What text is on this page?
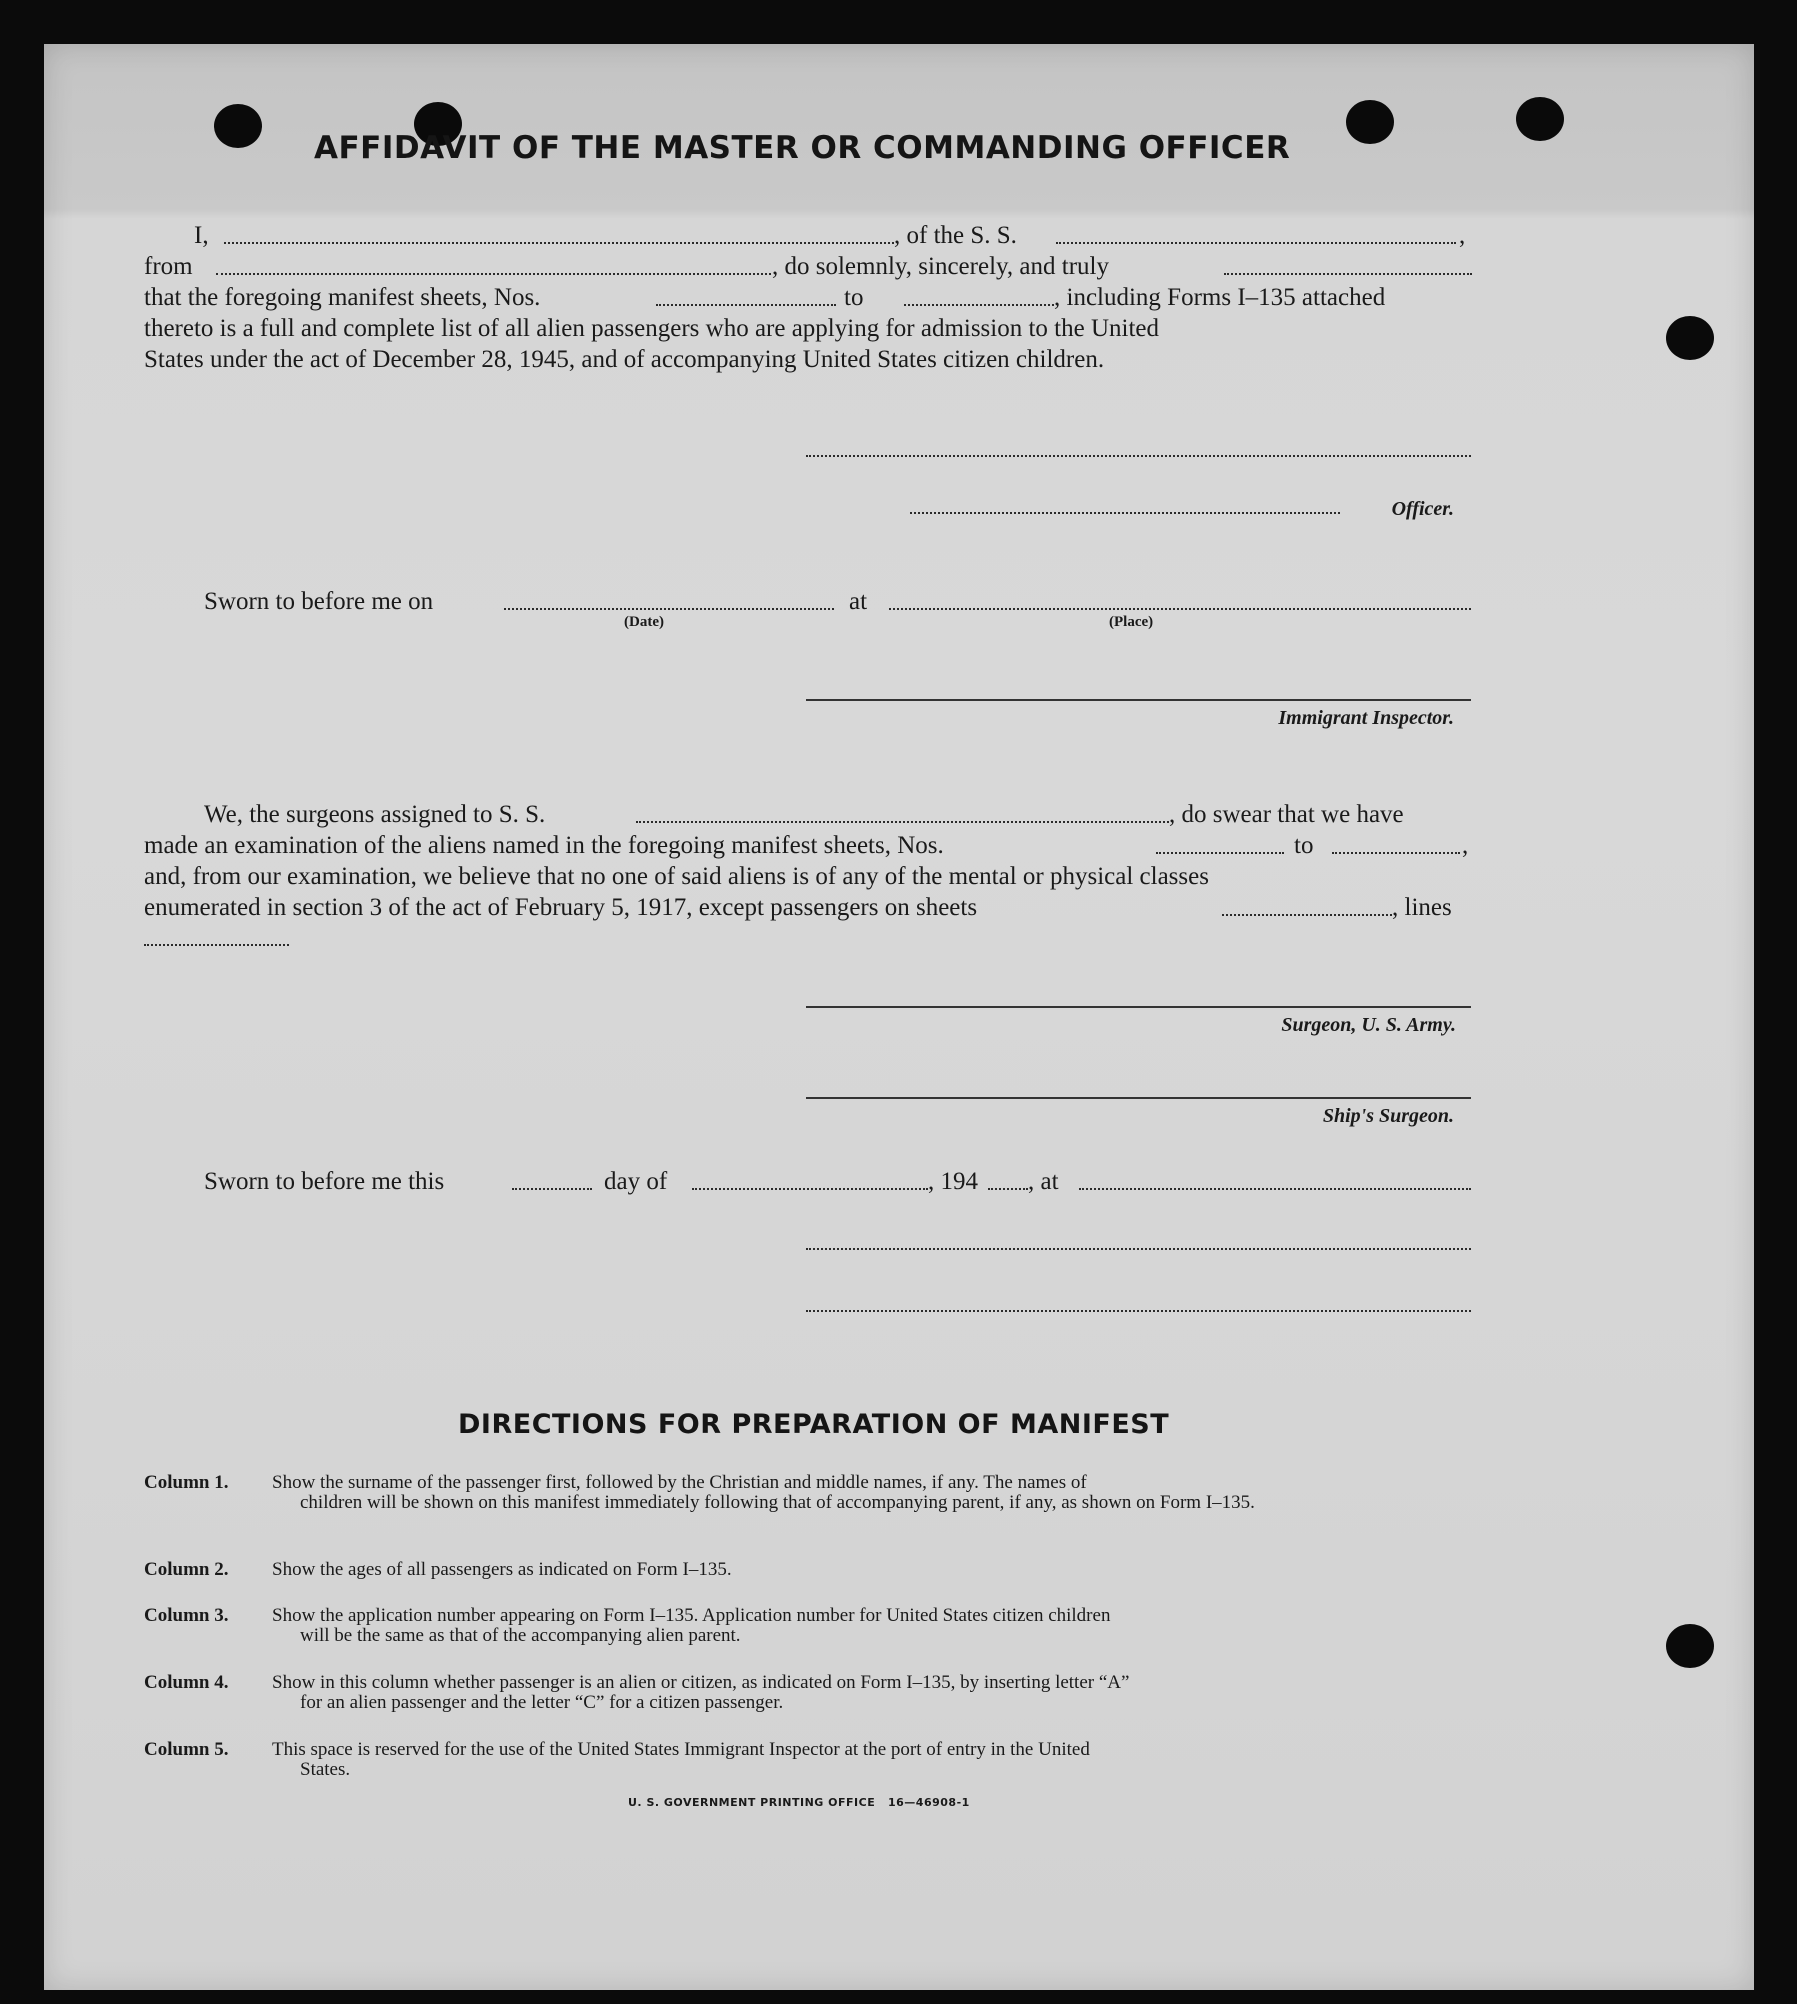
AFFIDAVIT OF THE MASTER OR COMMANDING OFFICER
I,	, of the S. S.	,
from	, do solemnly, sincerely, and truly
that the foregoing manifest sheets, Nos.	to	, including Forms I–135 attached
thereto is a full and complete list of all alien passengers who are applying for admission to the United
States under the act of December 28, 1945, and of accompanying United States citizen children.
Officer.
Sworn to before me on
(Date)
at
(Place)
Immigrant Inspector.
We, the surgeons assigned to S. S.	, do swear that we have
made an examination of the aliens named in the foregoing manifest sheets, Nos.	to	,
and, from our examination, we believe that no one of said aliens is of any of the mental or physical classes
enumerated in section 3 of the act of February 5, 1917, except passengers on sheets	, lines
Surgeon, U. S. Army.
Ship's Surgeon.
Sworn to before me this	day of	, 194 , at
DIRECTIONS FOR PREPARATION OF MANIFEST
Column 1. Show the surname of the passenger first, followed by the Christian and middle names, if any. The names of
children will be shown on this manifest immediately following that of accompanying parent, if any, as shown on Form I–135.
Column 2. Show the ages of all passengers as indicated on Form I–135.
Column 3. Show the application number appearing on Form I–135. Application number for United States citizen children
will be the same as that of the accompanying alien parent.
Column 4. Show in this column whether passenger is an alien or citizen, as indicated on Form I–135, by inserting letter “A”
for an alien passenger and the letter “C” for a citizen passenger.
Column 5. This space is reserved for the use of the United States Immigrant Inspector at the port of entry in the United
States.
U. S. GOVERNMENT PRINTING OFFICE 16—46908-1
